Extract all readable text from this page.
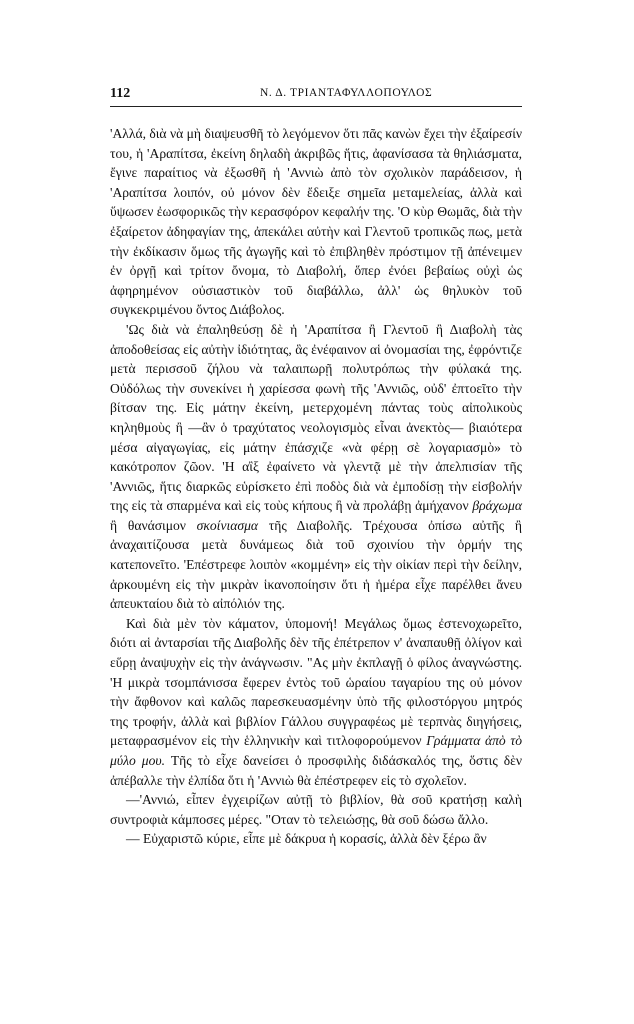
112	Ν. Δ. ΤΡΙΑΝΤΑΦΥΛΛΟΠΟΥΛΟΣ

'Αλλά, διὰ νὰ μὴ διαψευσθῆ τὸ λεγόμενον ὅτι πᾶς κανὼν ἔχει τὴν ἐξαίρεσίν του, ἡ 'Αραπίτσα, ἐκείνη δηλαδὴ ἀκριβῶς ἥτις, ἀφανίσασα τὰ θηλιάσματα, ἔγινε παραίτιος νὰ ἐξωσθῆ ἡ 'Αννιὼ ἀπὸ τὸν σχολικὸν παράδεισον, ἡ 'Αραπίτσα λοιπόν, οὐ μόνον δὲν ἔδειξε σημεῖα μεταμελείας, ἀλλὰ καὶ ὕψωσεν ἐωσφορικῶς τὴν κερασφόρον κεφαλήν της. 'Ο κὺρ Θωμᾶς, διὰ τὴν ἐξαίρετον ἀδηφαγίαν της, ἀπεκάλει αὐτὴν καὶ Γλεντοῦ τροπικῶς πως, μετὰ τὴν ἐκδίκασιν ὅμως τῆς ἀγωγῆς καὶ τὸ ἐπιβληθὲν πρόστιμον τῇ ἀπένειμεν ἐν ὀργῇ καὶ τρίτον ὄνομα, τὸ Διαβολή, ὅπερ ἐνόει βεβαίως οὐχὶ ὡς ἀφηρημένον οὐσιαστικὸν τοῦ διαβάλλω, ἀλλ' ὡς θηλυκὸν τοῦ συγκεκριμένου ὄντος Διάβολος.

'Ως διὰ νὰ ἐπαληθεύσῃ δὲ ἡ 'Αραπίτσα ἢ Γλεντοῦ ἢ Διαβολὴ τὰς ἀποδοθείσας εἰς αὐτὴν ἰδιότητας, ἃς ἐνέφαινον αἱ ὀνομασίαι της, ἐφρόντιζε μετὰ περισσοῦ ζήλου νὰ ταλαιπωρῇ πολυτρόπως τὴν φύλακά της. Οὐδόλως τὴν συνεκίνει ἡ χαρίεσσα φωνὴ τῆς 'Αννιῶς, οὐδ' ἐπτοεῖτο τὴν βίτσαν της. Εἰς μάτην ἐκείνη, μετερχομένη πάντας τοὺς αἰπολικοὺς κηληθμοὺς ἢ —ἂν ὁ τραχύτατος νεολογισμὸς εἶναι ἀνεκτὸς— βιαιότερα μέσα αἰγαγωγίας, εἰς μάτην ἐπάσχιζε «νὰ φέρῃ σὲ λογαριασμὸ» τὸ κακότροπον ζῶον. 'Η αἲξ ἐφαίνετο νὰ γλεντᾷ μὲ τὴν ἀπελπισίαν τῆς 'Αννιῶς, ἥτις διαρκῶς εὑρίσκετο ἐπὶ ποδὸς διὰ νὰ ἐμποδίσῃ τὴν εἰσβολήν της εἰς τὰ σπαρμένα καὶ εἰς τοὺς κήπους ἢ νὰ προλάβῃ ἀμήχανον βράχωμα ἢ θανάσιμον σκοίνιασμα τῆς Διαβολῆς. Τρέχουσα ὀπίσω αὐτῆς ἢ ἀναχαιτίζουσα μετὰ δυνάμεως διὰ τοῦ σχοινίου τὴν ὁρμήν της κατεπονεῖτο. 'Επέστρεφε λοιπὸν «κομμένη» εἰς τὴν οἰκίαν περὶ τὴν δείλην, ἀρκουμένη εἰς τὴν μικρὰν ἱκανοποίησιν ὅτι ἡ ἡμέρα εἶχε παρέλθει ἄνευ ἀπευκταίου διὰ τὸ αἰπόλιόν της.

Καὶ διὰ μὲν τὸν κάματον, ὑπομονή! Μεγάλως ὅμως ἐστενοχωρεῖτο, διότι αἱ ἀνταρσίαι τῆς Διαβολῆς δὲν τῆς ἐπέτρεπον ν' ἀναπαυθῇ ὀλίγον καὶ εὕρῃ ἀναψυχὴν εἰς τὴν ἀνάγνωσιν. "Ας μὴν ἐκπλαγῇ ὁ φίλος ἀναγνώστης. 'Η μικρὰ τσομπάνισσα ἔφερεν ἐντὸς τοῦ ὡραίου ταγαρίου της οὐ μόνον τὴν ἄφθονον καὶ καλῶς παρεσκευασμένην ὑπὸ τῆς φιλοστόργου μητρός της τροφήν, ἀλλὰ καὶ βιβλίον Γάλλου συγγραφέως μὲ τερπνὰς διηγήσεις, μεταφρασμένον εἰς τὴν ἑλληνικὴν καὶ τιτλοφορούμενον Γράμματα ἀπὸ τὸ μύλο μου. Τῆς τὸ εἶχε δανείσει ὁ προσφιλὴς διδάσκαλός της, ὅστις δὲν ἀπέβαλλε τὴν ἐλπίδα ὅτι ἡ 'Αννιὼ θὰ ἐπέστρεφεν εἰς τὸ σχολεῖον.

—'Αννιώ, εἶπεν ἐγχειρίζων αὐτῇ τὸ βιβλίον, θὰ σοῦ κρατήσῃ καλὴ συντροφιὰ κάμποσες μέρες. "Οταν τὸ τελειώσῃς, θὰ σοῦ δώσω ἄλλο.

— Εὐχαριστῶ κύριε, εἶπε μὲ δάκρυα ἡ κορασίς, ἀλλὰ δὲν ξέρω ἂν
